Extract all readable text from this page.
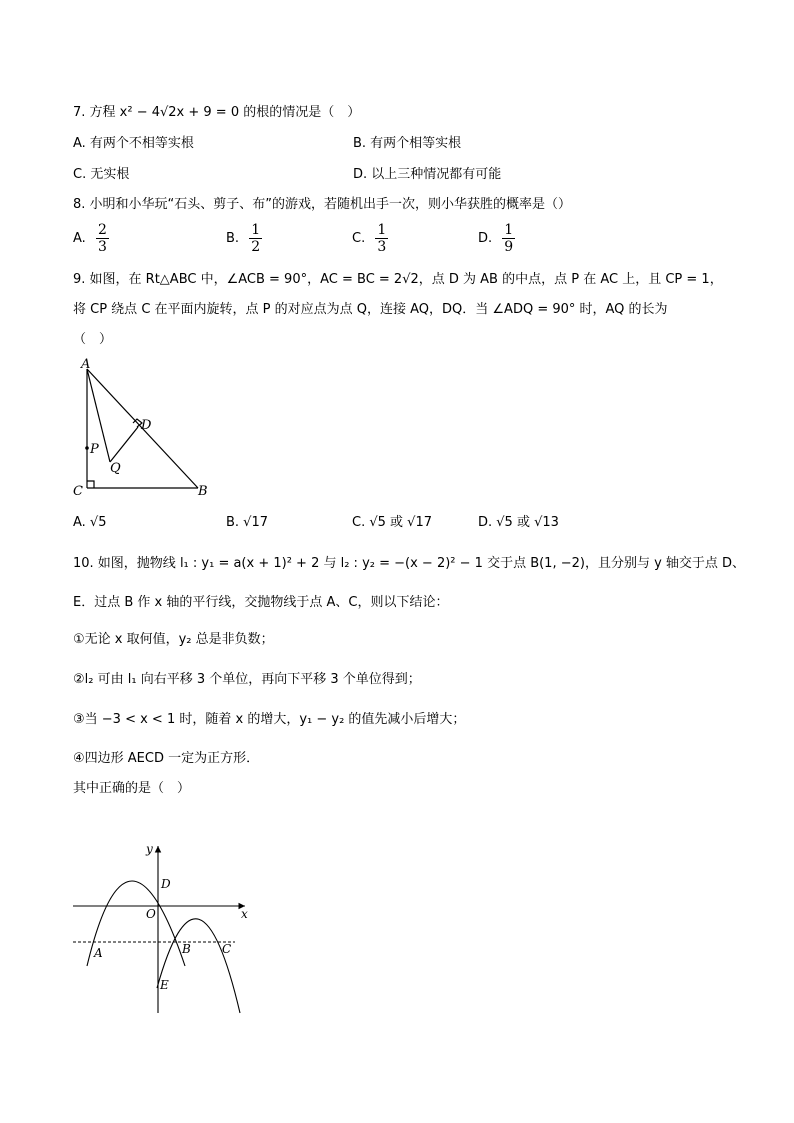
7. 方程 x² − 4√2x + 9 = 0 的根的情况是（　）
A. 有两个不相等实根	B. 有两个相等实根
C. 无实根	D. 以上三种情况都有可能
8. 小明和小华玩“石头、剪子、布”的游戏，若随机出手一次，则小华获胜的概率是（）
A. $\frac{2}{3}$	B. $\frac{1}{2}$	C. $\frac{1}{3}$	D. $\frac{1}{9}$
9. 如图，在 Rt△ABC 中，∠ACB = 90°，AC = BC = 2√2，点 D 为 AB 的中点，点 P 在 AC 上，且 CP = 1，
将 CP 绕点 C 在平面内旋转，点 P 的对应点为点 Q，连接 AQ，DQ．当 ∠ADQ = 90° 时，AQ 的长为
（　）
A
D
P
Q
C	B
A. √5	B. √17	C. √5 或 √17	D. √5 或 √13
10. 如图，抛物线 l₁ : y₁ = a(x + 1)² + 2 与 l₂ : y₂ = −(x − 2)² − 1 交于点 B(1, −2)，且分别与 y 轴交于点 D、
E．过点 B 作 x 轴的平行线，交抛物线于点 A、C，则以下结论：
①无论 x 取何值，y₂ 总是非负数；
②l₂ 可由 l₁ 向右平移 3 个单位，再向下平移 3 个单位得到；
③当 −3 < x < 1 时，随着 x 的增大，y₁ − y₂ 的值先减小后增大；
④四边形 AECD 一定为正方形．
其中正确的是（　）
y
x
O
D
A	B	C
E
